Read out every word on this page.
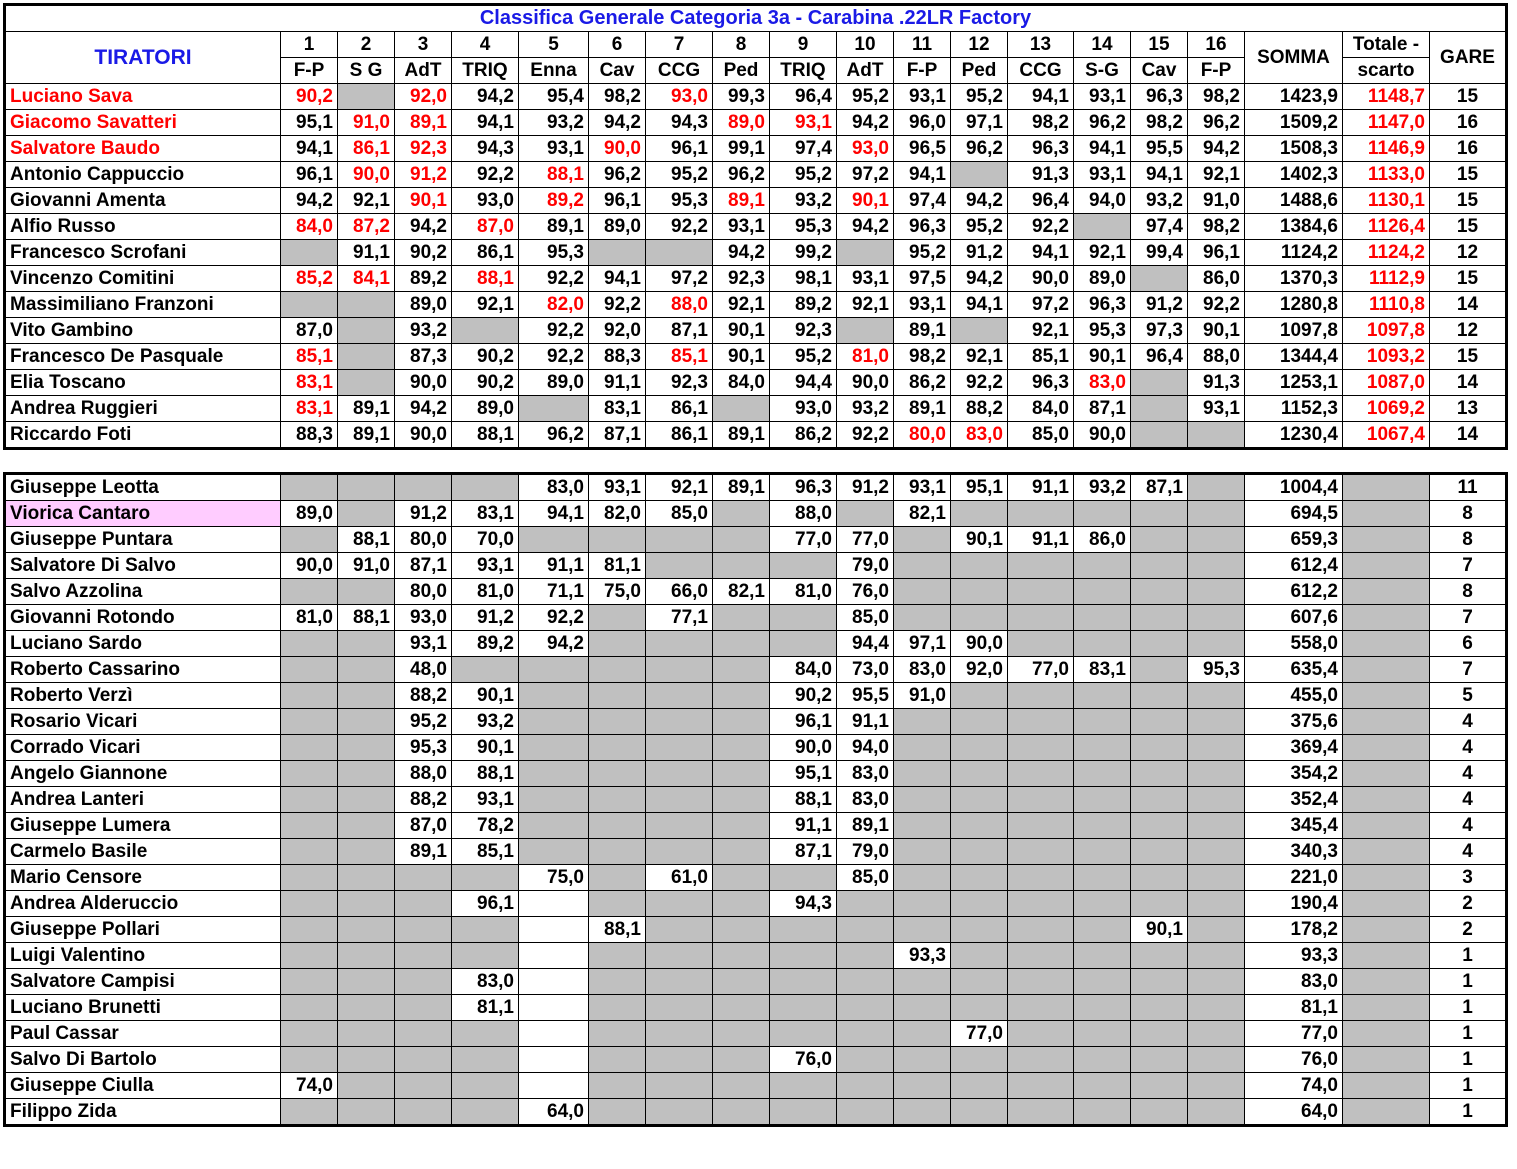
Classifica Generale Categoria 3a - Carabina .22LR Factory																			
TIRATORI	1	2	3	4	5	6	7	8	9	10	11	12	13	14	15	16	SOMMA	Totale -	GARE
	F-P	S G	AdT	TRIQ	Enna	Cav	CCG	Ped	TRIQ	AdT	F-P	Ped	CCG	S-G	Cav	F-P		scarto	
Luciano Sava	90,2		92,0	94,2	95,4	98,2	93,0	99,3	96,4	95,2	93,1	95,2	94,1	93,1	96,3	98,2	1423,9	1148,7	15
Giacomo Savatteri	95,1	91,0	89,1	94,1	93,2	94,2	94,3	89,0	93,1	94,2	96,0	97,1	98,2	96,2	98,2	96,2	1509,2	1147,0	16
Salvatore Baudo	94,1	86,1	92,3	94,3	93,1	90,0	96,1	99,1	97,4	93,0	96,5	96,2	96,3	94,1	95,5	94,2	1508,3	1146,9	16
Antonio Cappuccio	96,1	90,0	91,2	92,2	88,1	96,2	95,2	96,2	95,2	97,2	94,1		91,3	93,1	94,1	92,1	1402,3	1133,0	15
Giovanni Amenta	94,2	92,1	90,1	93,0	89,2	96,1	95,3	89,1	93,2	90,1	97,4	94,2	96,4	94,0	93,2	91,0	1488,6	1130,1	15
Alfio Russo	84,0	87,2	94,2	87,0	89,1	89,0	92,2	93,1	95,3	94,2	96,3	95,2	92,2		97,4	98,2	1384,6	1126,4	15
Francesco Scrofani		91,1	90,2	86,1	95,3			94,2	99,2		95,2	91,2	94,1	92,1	99,4	96,1	1124,2	1124,2	12
Vincenzo Comitini	85,2	84,1	89,2	88,1	92,2	94,1	97,2	92,3	98,1	93,1	97,5	94,2	90,0	89,0		86,0	1370,3	1112,9	15
Massimiliano Franzoni			89,0	92,1	82,0	92,2	88,0	92,1	89,2	92,1	93,1	94,1	97,2	96,3	91,2	92,2	1280,8	1110,8	14
Vito Gambino	87,0		93,2		92,2	92,0	87,1	90,1	92,3		89,1		92,1	95,3	97,3	90,1	1097,8	1097,8	12
Francesco De Pasquale	85,1		87,3	90,2	92,2	88,3	85,1	90,1	95,2	81,0	98,2	92,1	85,1	90,1	96,4	88,0	1344,4	1093,2	15
Elia Toscano	83,1		90,0	90,2	89,0	91,1	92,3	84,0	94,4	90,0	86,2	92,2	96,3	83,0		91,3	1253,1	1087,0	14
Andrea Ruggieri	83,1	89,1	94,2	89,0		83,1	86,1		93,0	93,2	89,1	88,2	84,0	87,1		93,1	1152,3	1069,2	13
Riccardo Foti	88,3	89,1	90,0	88,1	96,2	87,1	86,1	89,1	86,2	92,2	80,0	83,0	85,0	90,0			1230,4	1067,4	14

Giuseppe Leotta					83,0	93,1	92,1	89,1	96,3	91,2	93,1	95,1	91,1	93,2	87,1		1004,4		11
Viorica Cantaro	89,0		91,2	83,1	94,1	82,0	85,0		88,0		82,1						694,5		8
Giuseppe Puntara		88,1	80,0	70,0					77,0	77,0		90,1	91,1	86,0			659,3		8
Salvatore Di Salvo	90,0	91,0	87,1	93,1	91,1	81,1				79,0							612,4		7
Salvo Azzolina			80,0	81,0	71,1	75,0	66,0	82,1	81,0	76,0							612,2		8
Giovanni Rotondo	81,0	88,1	93,0	91,2	92,2		77,1			85,0							607,6		7
Luciano Sardo			93,1	89,2	94,2					94,4	97,1	90,0					558,0		6
Roberto Cassarino			48,0						84,0	73,0	83,0	92,0	77,0	83,1		95,3	635,4		7
Roberto Verzì			88,2	90,1					90,2	95,5	91,0						455,0		5
Rosario Vicari			95,2	93,2					96,1	91,1							375,6		4
Corrado Vicari			95,3	90,1					90,0	94,0							369,4		4
Angelo Giannone			88,0	88,1					95,1	83,0							354,2		4
Andrea Lanteri			88,2	93,1					88,1	83,0							352,4		4
Giuseppe Lumera			87,0	78,2					91,1	89,1							345,4		4
Carmelo Basile			89,1	85,1					87,1	79,0							340,3		4
Mario Censore					75,0		61,0			85,0							221,0		3
Andrea Alderuccio				96,1					94,3								190,4		2
Giuseppe Pollari						88,1									90,1		178,2		2
Luigi Valentino											93,3						93,3		1
Salvatore Campisi				83,0													83,0		1
Luciano Brunetti				81,1													81,1		1
Paul Cassar												77,0					77,0		1
Salvo Di Bartolo									76,0								76,0		1
Giuseppe Ciulla	74,0																74,0		1
Filippo Zida					64,0												64,0		1
